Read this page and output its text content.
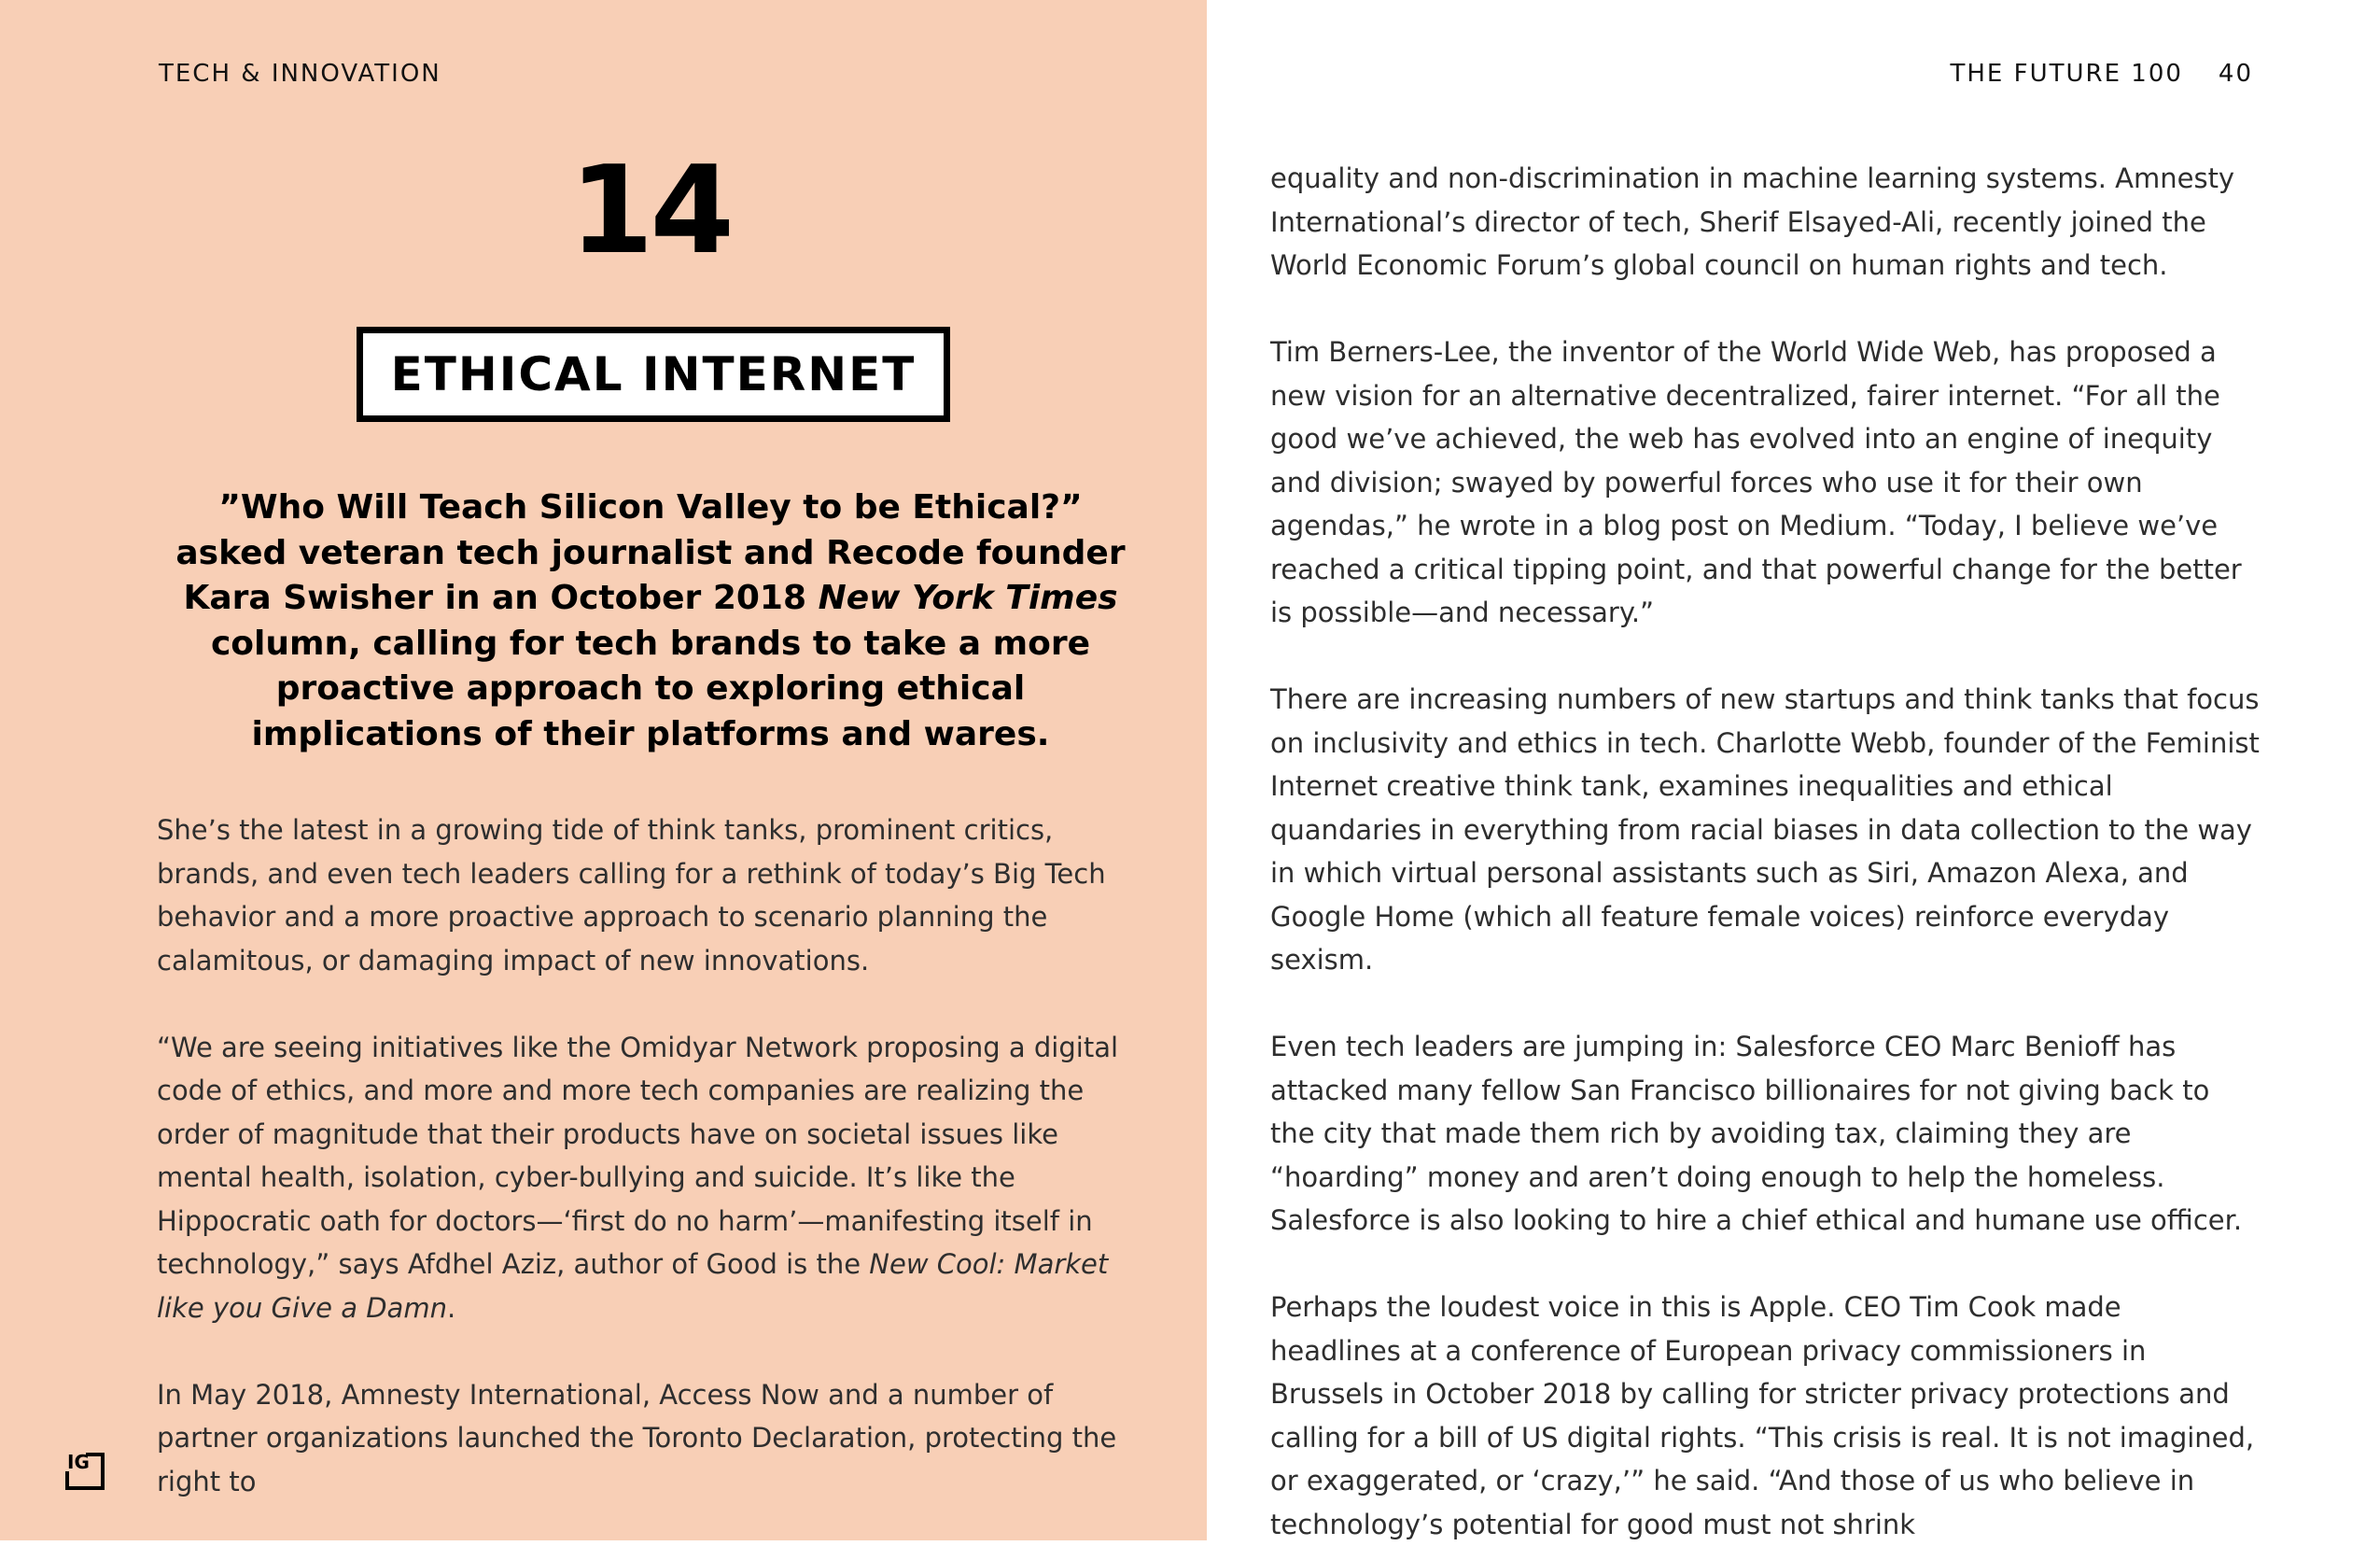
TECH & INNOVATION	THE FUTURE 100 40
14
ETHICAL INTERNET

”Who Will Teach Silicon Valley to be Ethical?” asked veteran tech journalist and Recode founder Kara Swisher in an October 2018 New York Times column, calling for tech brands to take a more proactive approach to exploring ethical implications of their platforms and wares.

She’s the latest in a growing tide of think tanks, prominent critics, brands, and even tech leaders calling for a rethink of today’s Big Tech behavior and a more proactive approach to scenario planning the calamitous, or damaging impact of new innovations.

“We are seeing initiatives like the Omidyar Network proposing a digital code of ethics, and more and more tech companies are realizing the order of magnitude that their products have on societal issues like mental health, isolation, cyber-bullying and suicide. It’s like the Hippocratic oath for doctors—‘first do no harm’—manifesting itself in technology,” says Afdhel Aziz, author of Good is the New Cool: Market like you Give a Damn.

In May 2018, Amnesty International, Access Now and a number of partner organizations launched the Toronto Declaration, protecting the right to

equality and non-discrimination in machine learning systems. Amnesty International’s director of tech, Sherif Elsayed-Ali, recently joined the World Economic Forum’s global council on human rights and tech.

Tim Berners-Lee, the inventor of the World Wide Web, has proposed a new vision for an alternative decentralized, fairer internet. “For all the good we’ve achieved, the web has evolved into an engine of inequity and division; swayed by powerful forces who use it for their own agendas,” he wrote in a blog post on Medium. “Today, I believe we’ve reached a critical tipping point, and that powerful change for the better is possible—and necessary.”

There are increasing numbers of new startups and think tanks that focus on inclusivity and ethics in tech. Charlotte Webb, founder of the Feminist Internet creative think tank, examines inequalities and ethical quandaries in everything from racial biases in data collection to the way in which virtual personal assistants such as Siri, Amazon Alexa, and Google Home (which all feature female voices) reinforce everyday sexism.

Even tech leaders are jumping in: Salesforce CEO Marc Benioff has attacked many fellow San Francisco billionaires for not giving back to the city that made them rich by avoiding tax, claiming they are “hoarding” money and aren’t doing enough to help the homeless. Salesforce is also looking to hire a chief ethical and humane use officer.

Perhaps the loudest voice in this is Apple. CEO Tim Cook made headlines at a conference of European privacy commissioners in Brussels in October 2018 by calling for stricter privacy protections and calling for a bill of US digital rights. “This crisis is real. It is not imagined, or exaggerated, or ‘crazy,’” he said. “And those of us who believe in technology’s potential for good must not shrink

IG
